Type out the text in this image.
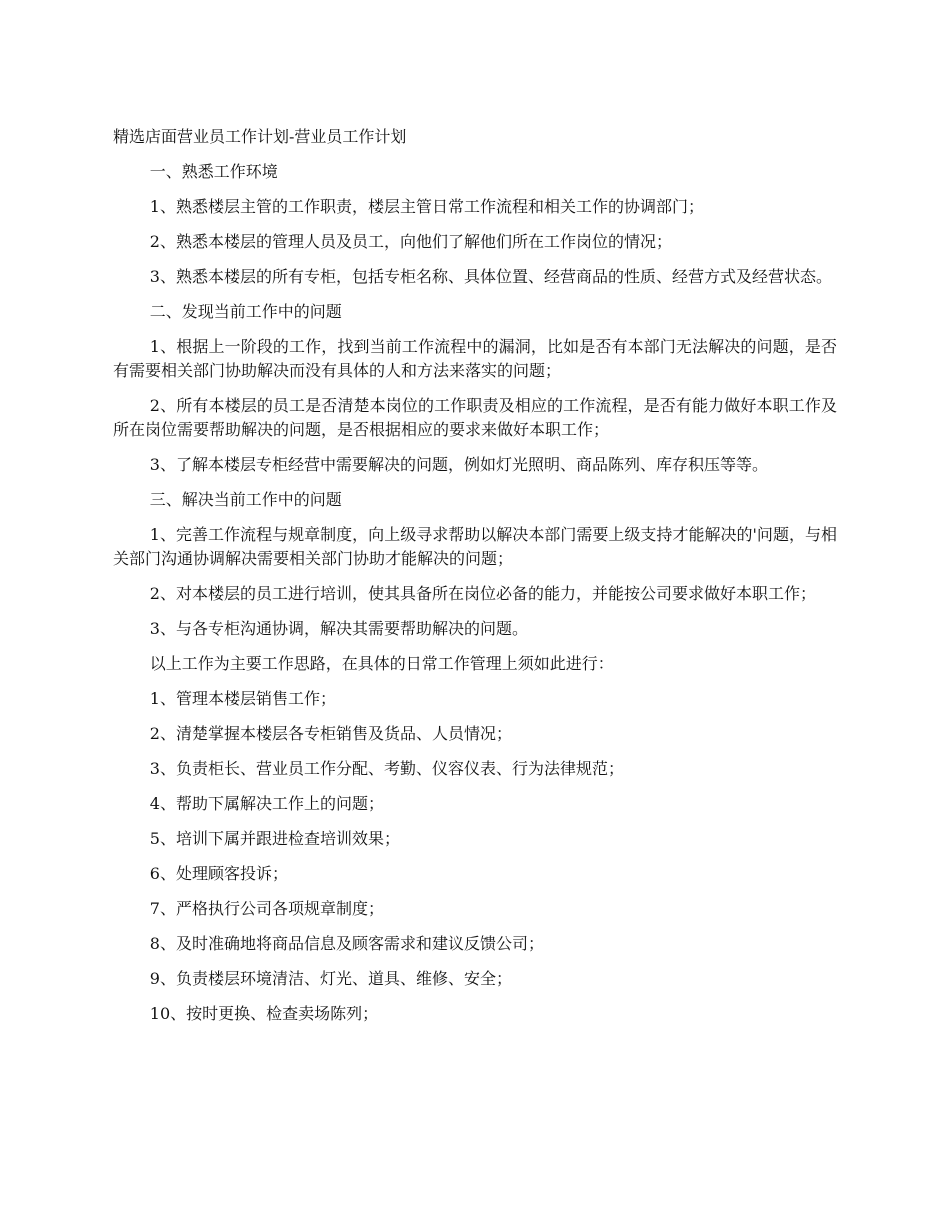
精选店面营业员工作计划-营业员工作计划
一、熟悉工作环境
1、熟悉楼层主管的工作职责，楼层主管日常工作流程和相关工作的协调部门；
2、熟悉本楼层的管理人员及员工，向他们了解他们所在工作岗位的情况；
3、熟悉本楼层的所有专柜，包括专柜名称、具体位置、经营商品的性质、经营方式及经营状态。
二、发现当前工作中的问题
1、根据上一阶段的工作，找到当前工作流程中的漏洞，比如是否有本部门无法解决的问题，是否有需要相关部门协助解决而没有具体的人和方法来落实的问题；
2、所有本楼层的员工是否清楚本岗位的工作职责及相应的工作流程，是否有能力做好本职工作及所在岗位需要帮助解决的问题，是否根据相应的要求来做好本职工作；
3、了解本楼层专柜经营中需要解决的问题，例如灯光照明、商品陈列、库存积压等等。
三、解决当前工作中的问题
1、完善工作流程与规章制度，向上级寻求帮助以解决本部门需要上级支持才能解决的'问题，与相关部门沟通协调解决需要相关部门协助才能解决的问题；
2、对本楼层的员工进行培训，使其具备所在岗位必备的能力，并能按公司要求做好本职工作；
3、与各专柜沟通协调，解决其需要帮助解决的问题。
以上工作为主要工作思路，在具体的日常工作管理上须如此进行：
1、管理本楼层销售工作；
2、清楚掌握本楼层各专柜销售及货品、人员情况；
3、负责柜长、营业员工作分配、考勤、仪容仪表、行为法律规范；
4、帮助下属解决工作上的问题；
5、培训下属并跟进检查培训效果；
6、处理顾客投诉；
7、严格执行公司各项规章制度；
8、及时准确地将商品信息及顾客需求和建议反馈公司；
9、负责楼层环境清洁、灯光、道具、维修、安全；
10、按时更换、检查卖场陈列；
